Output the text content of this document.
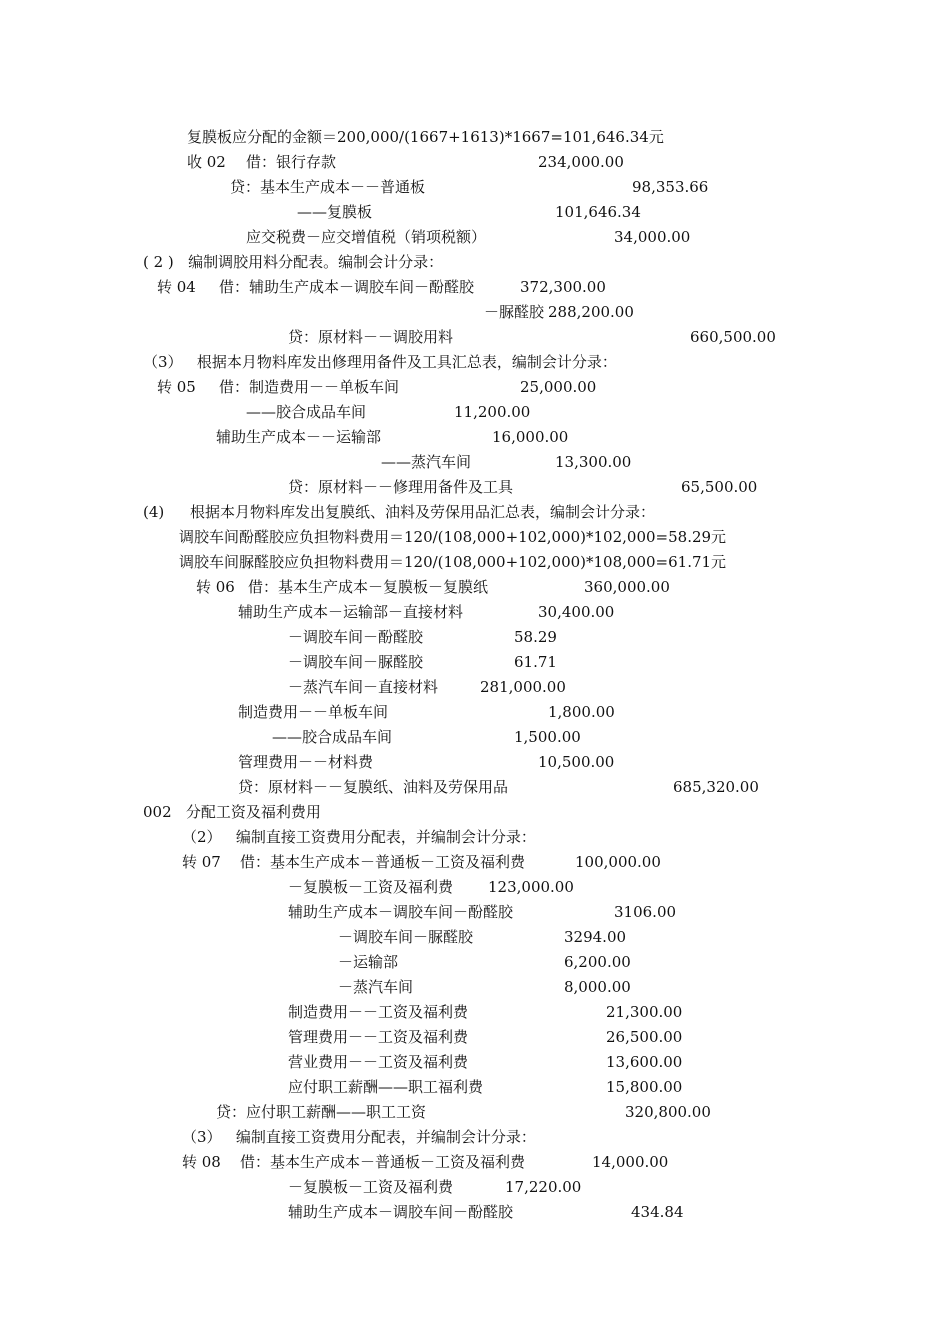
复膜板应分配的金额＝200,000/(1667+1613)*1667=101,646.34元
收 02 借：银行存款	234,000.00
贷：基本生产成本－－普通板	98,353.66
——复膜板	101,646.34
应交税费－应交增值税（销项税额）	34,000.00
( 2 )   编制调胶用料分配表。编制会计分录：
转 04 借：辅助生产成本－调胶车间－酚醛胶	372,300.00
－脲醛胶 288,200.00
贷：原材料－－调胶用料	660,500.00
（3）   根据本月物料库发出修理用备件及工具汇总表，编制会计分录：
转 05 借：制造费用－－单板车间	25,000.00
——胶合成品车间	11,200.00
辅助生产成本－－运输部	16,000.00
——蒸汽车间	13,300.00
贷：原材料－－修理用备件及工具	65,500.00
(4) 根据本月物料库发出复膜纸、油料及劳保用品汇总表，编制会计分录：
调胶车间酚醛胶应负担物料费用＝120/(108,000+102,000)*102,000=58.29元
调胶车间脲醛胶应负担物料费用＝120/(108,000+102,000)*108,000=61.71元
转 06 借：基本生产成本－复膜板－复膜纸	360,000.00
辅助生产成本－运输部－直接材料	30,400.00
－调胶车间－酚醛胶	58.29
－调胶车间－脲醛胶	61.71
－蒸汽车间－直接材料	281,000.00
制造费用－－单板车间	1,800.00
——胶合成品车间	1,500.00
管理费用－－材料费	10,500.00
贷：原材料－－复膜纸、油料及劳保用品	685,320.00
002   分配工资及福利费用
（2）   编制直接工资费用分配表，并编制会计分录：
转 07 借：基本生产成本－普通板－工资及福利费	100,000.00
－复膜板－工资及福利费 123,000.00
辅助生产成本－调胶车间－酚醛胶	3106.00
－调胶车间－脲醛胶	3294.00
－运输部	6,200.00
－蒸汽车间	8,000.00
制造费用－－工资及福利费	21,300.00
管理费用－－工资及福利费	26,500.00
营业费用－－工资及福利费	13,600.00
应付职工薪酬——职工福利费	15,800.00
贷：应付职工薪酬——职工工资	320,800.00
（3）   编制直接工资费用分配表，并编制会计分录：
转 08 借：基本生产成本－普通板－工资及福利费	14,000.00
－复膜板－工资及福利费	17,220.00
辅助生产成本－调胶车间－酚醛胶	434.84
